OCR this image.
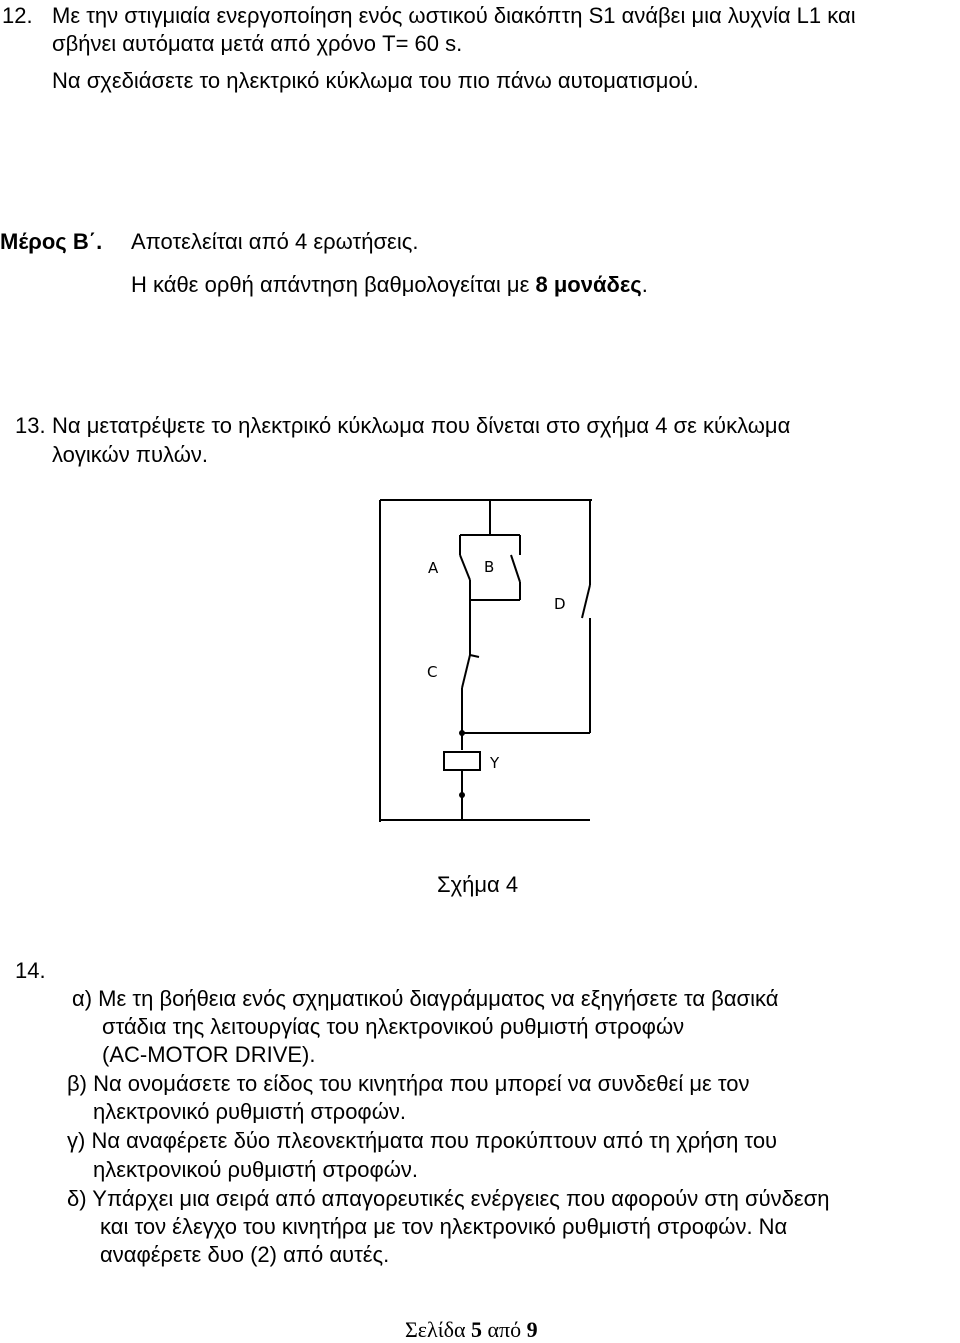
12. Με την στιγμιαία ενεργοποίηση ενός ωστικού διακόπτη S1 ανάβει μια λυχνία L1 και
σβήνει αυτόματα μετά από χρόνο T= 60 s.
Να σχεδιάσετε το ηλεκτρικό κύκλωμα του πιο πάνω αυτοματισμού.
Μέρος Β΄. Αποτελείται από 4 ερωτήσεις.
Η κάθε ορθή απάντηση βαθμολογείται με 8 μονάδες.
13. Να μετατρέψετε το ηλεκτρικό κύκλωμα που δίνεται στο σχήμα 4 σε κύκλωμα
λογικών πυλών.
A	B
C
D
Y
Σχήμα 4
14.
α) Με τη βοήθεια ενός σχηματικού διαγράμματος να εξηγήσετε τα βασικά
στάδια της λειτουργίας του ηλεκτρονικού ρυθμιστή στροφών
(AC-MOTOR DRIVE).
β) Να ονομάσετε το είδος του κινητήρα που μπορεί να συνδεθεί με τον
ηλεκτρονικό ρυθμιστή στροφών.
γ) Να αναφέρετε δύο πλεονεκτήματα που προκύπτουν από τη χρήση του
ηλεκτρονικού ρυθμιστή στροφών.
δ) Υπάρχει μια σειρά από απαγορευτικές ενέργειες που αφορούν στη σύνδεση
και τον έλεγχο του κινητήρα με τον ηλεκτρονικό ρυθμιστή στροφών. Να
αναφέρετε δυο (2) από αυτές.
Σελίδα 5 από 9
